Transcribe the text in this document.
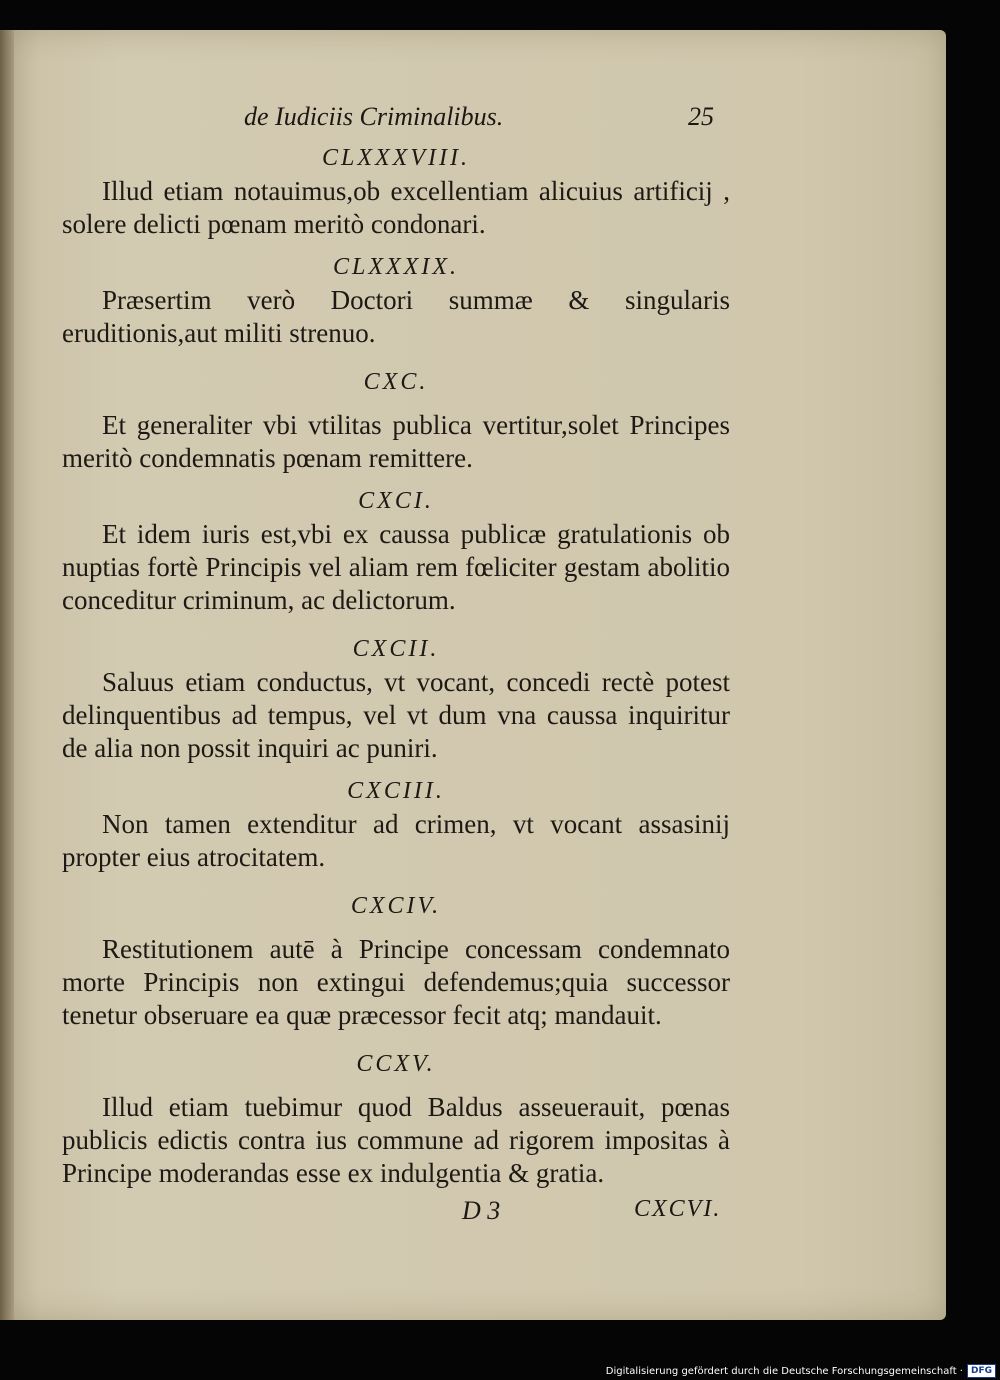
de Iudiciis Criminalibus.	25

CLXXXVIII.

Illud etiam notauimus,ob excellentiam alicuius artificij , solere delicti pœnam meritò condonari.

CLXXXIX.

Præsertim verò Doctori summæ & singularis eruditionis,aut militi strenuo.

CXC.

Et generaliter vbi vtilitas publica vertitur,solet Principes meritò condemnatis pœnam remittere.

CXCI.

Et idem iuris est,vbi ex caussa publicæ gratulationis ob nuptias fortè Principis vel aliam rem fœliciter gestam abolitio conceditur criminum, ac delictorum.

CXCII.

Saluus etiam conductus, vt vocant, concedi rectè potest delinquentibus ad tempus, vel vt dum vna caussa inquiritur de alia non possit inquiri ac puniri.

CXCIII.

Non tamen extenditur ad crimen, vt vocant assasinij propter eius atrocitatem.

CXCIV.

Restitutionem autē à Principe concessam condemnato morte Principis non extingui defendemus;quia successor tenetur obseruare ea quæ præcessor fecit atq; mandauit.

CCXV.

Illud etiam tuebimur quod Baldus asseuerauit, pœnas publicis edictis contra ius commune ad rigorem impositas à Principe moderandas esse ex indulgentia & gratia.

D 3	CXCVI.
Digitalisierung gefördert durch die Deutsche Forschungsgemeinschaft · DFG
